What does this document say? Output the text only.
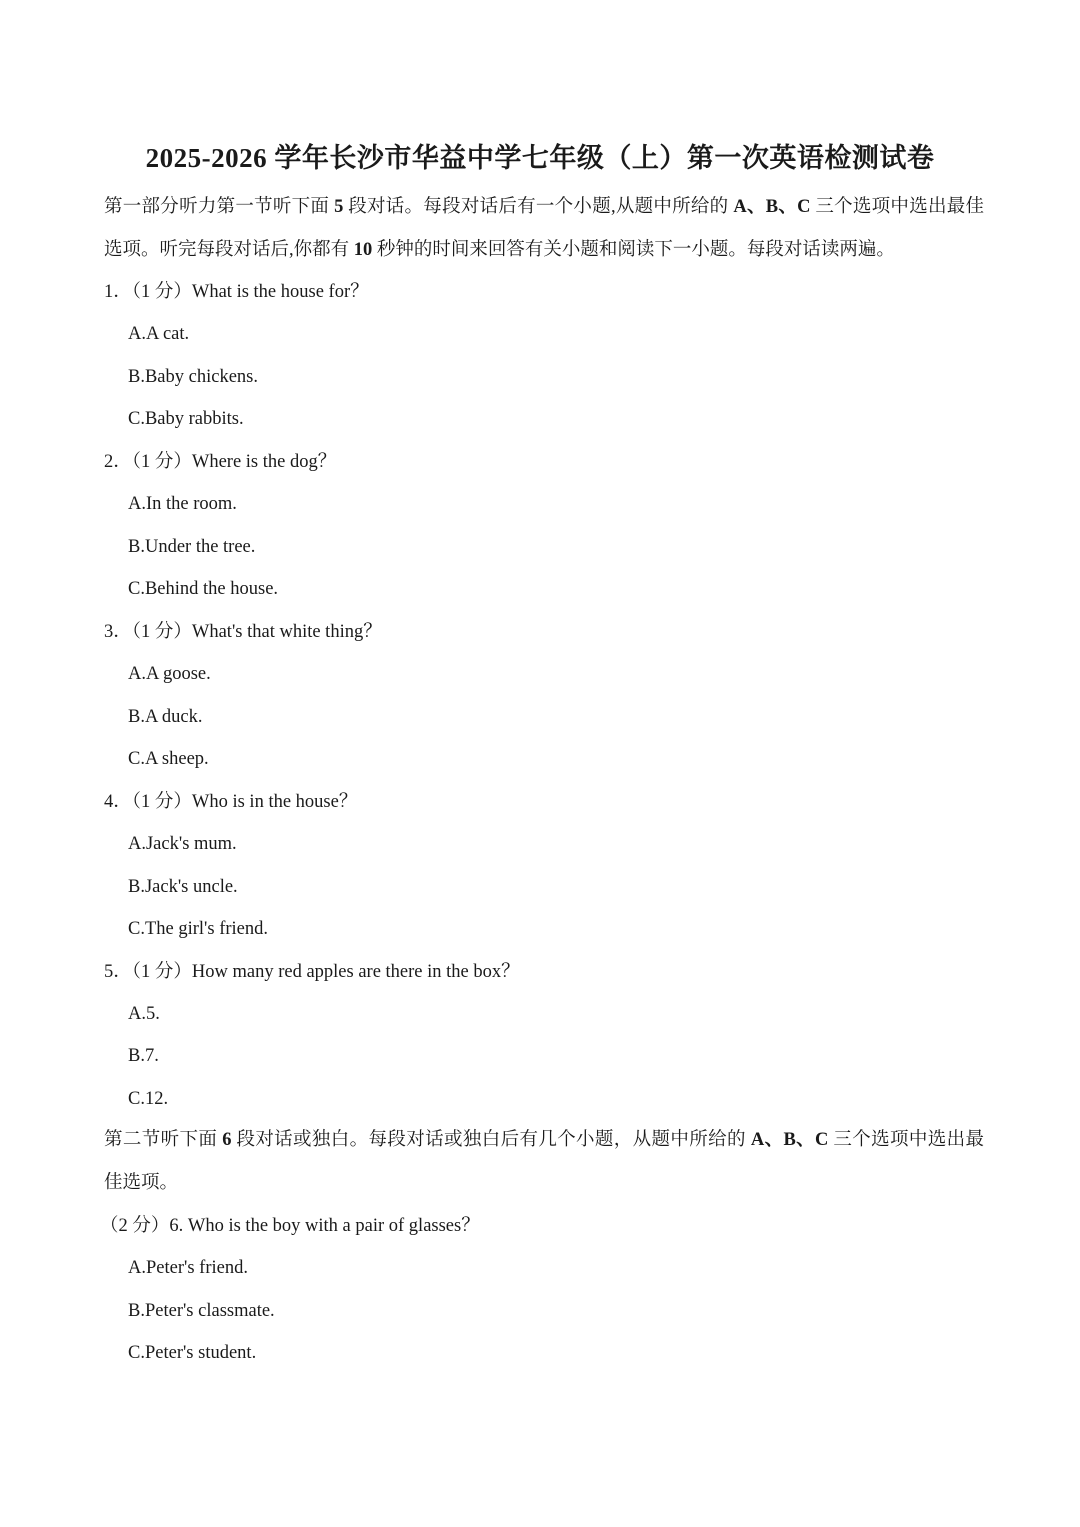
2025-2026 学年长沙市华益中学七年级（上）第一次英语检测试卷
第一部分听力第一节听下面 5 段对话。每段对话后有一个小题,从题中所给的 A、B、C 三个选项中选出最佳选项。听完每段对话后,你都有 10 秒钟的时间来回答有关小题和阅读下一小题。每段对话读两遍。
1．（1 分）What is the house for？
A.A cat.
B.Baby chickens.
C.Baby rabbits.
2．（1 分）Where is the dog？
A.In the room.
B.Under the tree.
C.Behind the house.
3．（1 分）What's that white thing？
A.A goose.
B.A duck.
C.A sheep.
4．（1 分）Who is in the house？
A.Jack's mum.
B.Jack's uncle.
C.The girl's friend.
5．（1 分）How many red apples are there in the box？
A.5.
B.7.
C.12.
第二节听下面 6 段对话或独白。每段对话或独白后有几个小题，从题中所给的 A、B、C 三个选项中选出最佳选项。
（2 分）6. Who is the boy with a pair of glasses？
A.Peter's friend.
B.Peter's classmate.
C.Peter's student.
